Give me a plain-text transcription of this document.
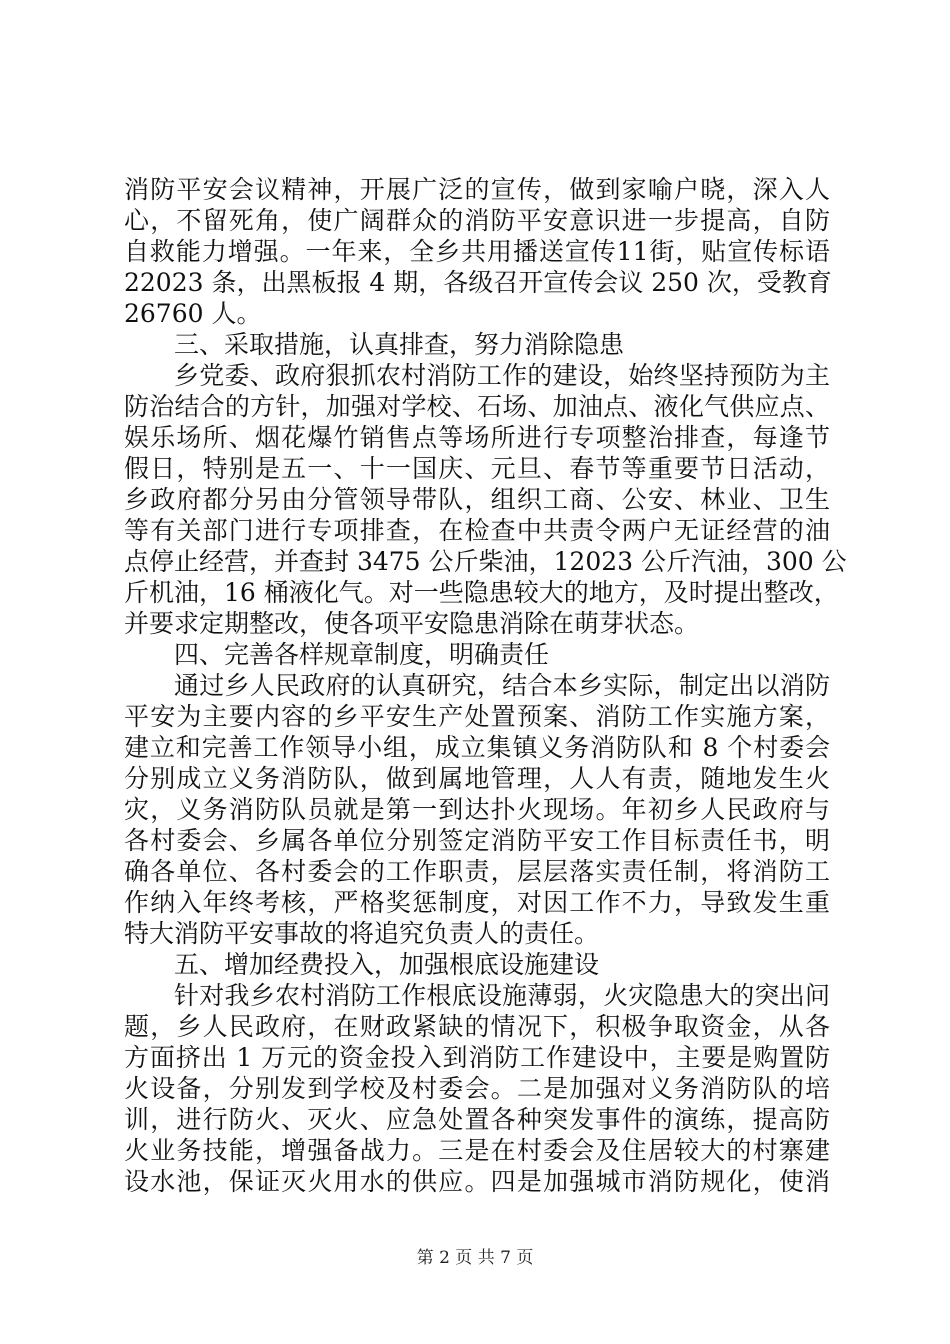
消防平安会议精神，开展广泛的宣传，做到家喻户晓，深入人
心，不留死角，使广阔群众的消防平安意识进一步提高，自防
自救能力增强。一年来，全乡共用播送宣传11街，贴宣传标语
22023 条，出黑板报 4 期，各级召开宣传会议 250 次，受教育
26760 人。
三、采取措施，认真排查，努力消除隐患
乡党委、政府狠抓农村消防工作的建设，始终坚持预防为主
防治结合的方针，加强对学校、石场、加油点、液化气供应点、
娱乐场所、烟花爆竹销售点等场所进行专项整治排查，每逢节
假日，特别是五一、十一国庆、元旦、春节等重要节日活动，
乡政府都分另由分管领导带队，组织工商、公安、林业、卫生
等有关部门进行专项排查，在检查中共责令两户无证经营的油
点停止经营，并查封 3475 公斤柴油，12023 公斤汽油，300 公
斤机油，16 桶液化气。对一些隐患较大的地方，及时提出整改，
并要求定期整改，使各项平安隐患消除在萌芽状态。
四、完善各样规章制度，明确责任
通过乡人民政府的认真研究，结合本乡实际，制定出以消防
平安为主要内容的乡平安生产处置预案、消防工作实施方案，
建立和完善工作领导小组，成立集镇义务消防队和 8 个村委会
分别成立义务消防队，做到属地管理，人人有责，随地发生火
灾，义务消防队员就是第一到达扑火现场。年初乡人民政府与
各村委会、乡属各单位分别签定消防平安工作目标责任书，明
确各单位、各村委会的工作职责，层层落实责任制，将消防工
作纳入年终考核，严格奖惩制度，对因工作不力，导致发生重
特大消防平安事故的将追究负责人的责任。
五、增加经费投入，加强根底设施建设
针对我乡农村消防工作根底设施薄弱，火灾隐患大的突出问
题，乡人民政府，在财政紧缺的情况下，积极争取资金，从各
方面挤出 1 万元的资金投入到消防工作建设中，主要是购置防
火设备，分别发到学校及村委会。二是加强对义务消防队的培
训，进行防火、灭火、应急处置各种突发事件的演练，提高防
火业务技能，增强备战力。三是在村委会及住居较大的村寨建
设水池，保证灭火用水的供应。四是加强城市消防规化，使消
第 2 页 共 7 页
